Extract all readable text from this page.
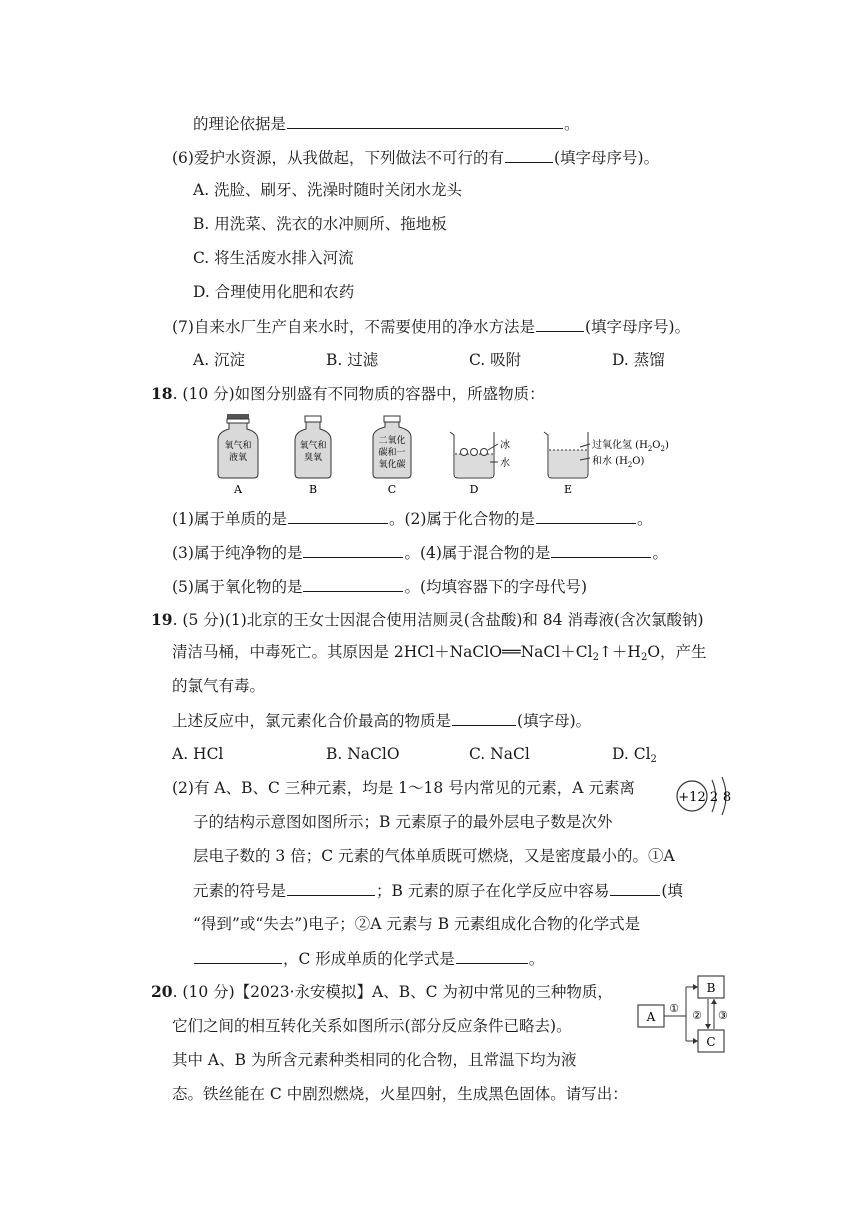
的理论依据是	。
(6)爱护水资源，从我做起，下列做法不可行的有	(填字母序号)。
A. 洗脸、刷牙、洗澡时随时关闭水龙头
B. 用洗菜、洗衣的水冲厕所、拖地板
C. 将生活废水排入河流
D. 合理使用化肥和农药
(7)自来水厂生产自来水时，不需要使用的净水方法是	(填字母序号)。
A. 沉淀	B. 过滤	C. 吸附	D. 蒸馏
18. (10 分)如图分别盛有不同物质的容器中，所盛物质：
氧气和
液氧
A
氧气和
臭氧
B
二氧化
碳和一
氧化碳
C
冰
水
D
过氧化氢 $(H_2O_2)$
和水 $(H_2O)$
E
(1)属于单质的是	。(2)属于化合物的是	。
(3)属于纯净物的是	。(4)属于混合物的是	。
(5)属于氧化物的是	。(均填容器下的字母代号)
19. (5 分)(1)北京的王女士因混合使用洁厕灵(含盐酸)和 84 消毒液(含次氯酸钠)
清洁马桶，中毒死亡。其原因是 $2HCl+NaClO══NaCl+Cl_2↑+H_2O$，产生
的氯气有毒。
上述反应中，氯元素化合价最高的物质是	(填字母)。
A. HCl	B. NaClO	C. NaCl	D. $Cl_2$
(2)有 A、B、C 三种元素，均是 1～18 号内常见的元素，A 元素离
子的结构示意图如图所示；B 元素原子的最外层电子数是次外
层电子数的 3 倍；C 元素的气体单质既可燃烧，又是密度最小的。①A
元素的符号是	；B 元素的原子在化学反应中容易	(填
“得到”或“失去”)电子；②A 元素与 B 元素组成化合物的化学式是
，C 形成单质的化学式是	。
+12 2 8
20. (10 分)【2023·永安模拟】A、B、C 为初中常见的三种物质，
它们之间的相互转化关系如图所示(部分反应条件已略去)。
其中 A、B 为所含元素种类相同的化合物，且常温下均为液
态。铁丝能在 C 中剧烈燃烧，火星四射，生成黑色固体。请写出：
A
B
C
①
② ③
